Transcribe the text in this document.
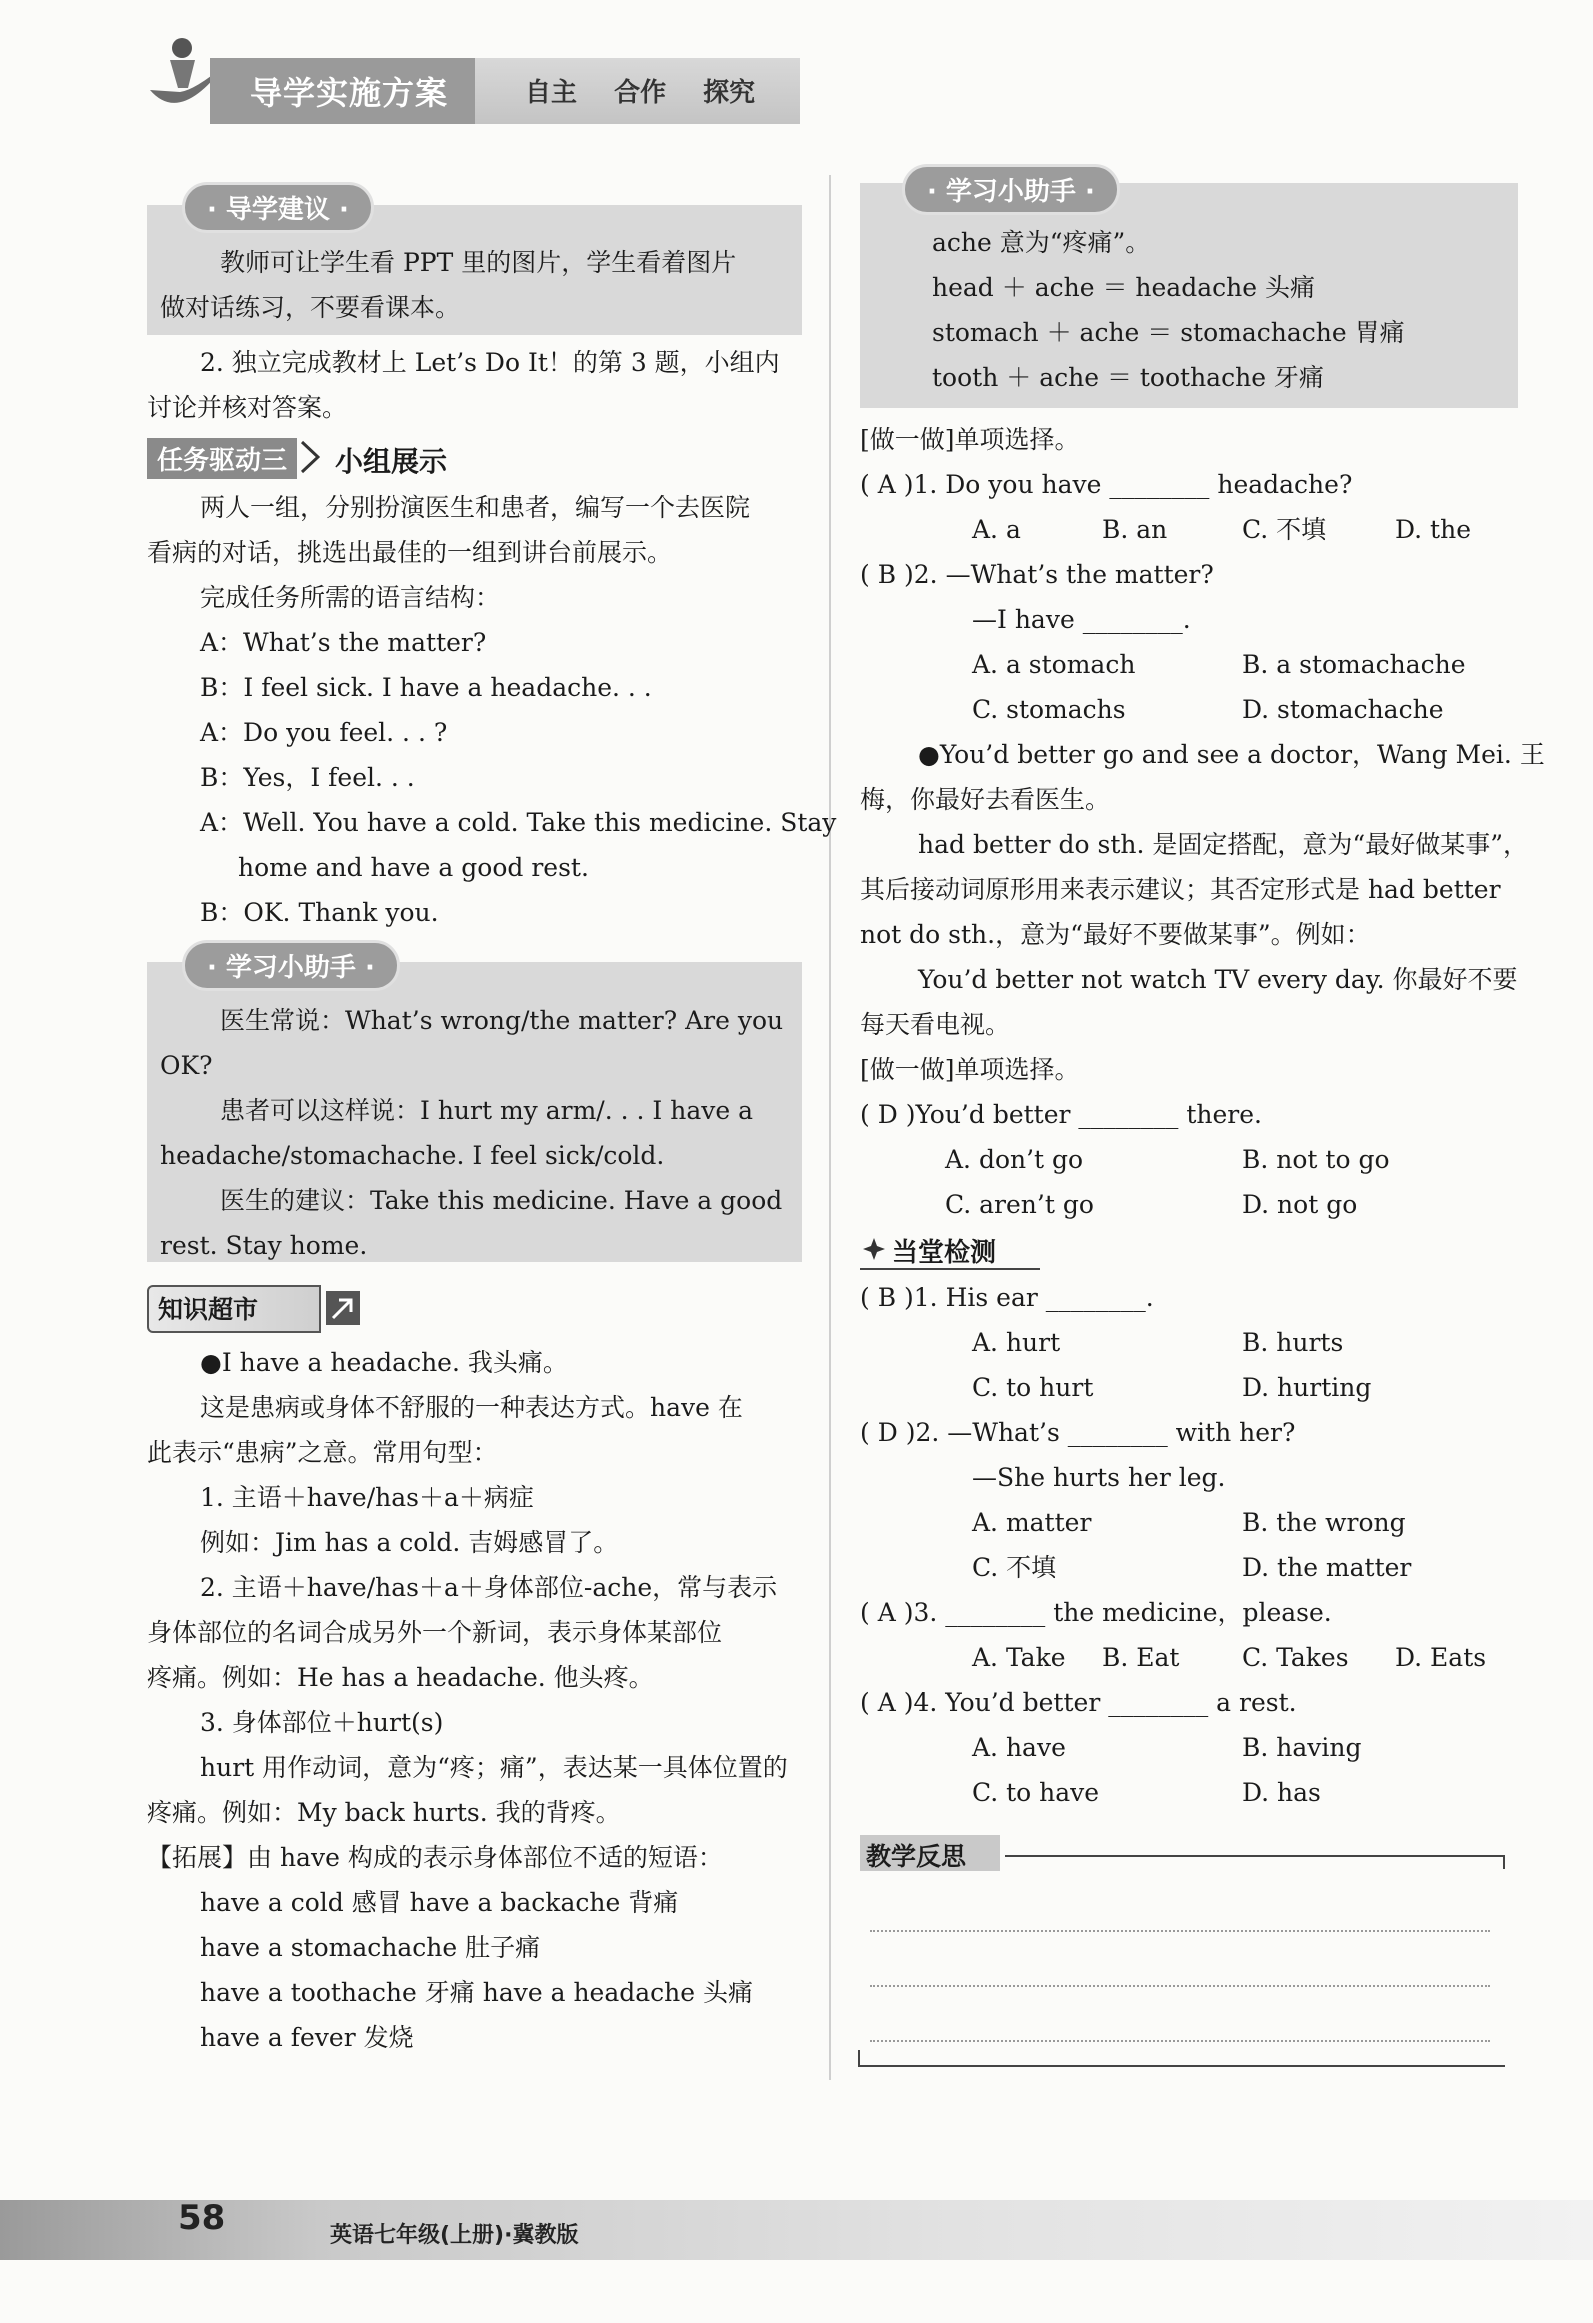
导学实施方案	自主 合作 探究
· 导学建议 ·
教师可让学生看 PPT 里的图片，学生看着图片
做对话练习，不要看课本。
2. 独立完成教材上 Let’s Do It！的第 3 题，小组内
讨论并核对答案。
任务驱动三	小组展示
两人一组，分别扮演医生和患者，编写一个去医院
看病的对话，挑选出最佳的一组到讲台前展示。
完成任务所需的语言结构：
A：What’s the matter?
B：I feel sick. I have a headache. . .
A：Do you feel. . . ?
B：Yes，I feel. . .
A：Well. You have a cold. Take this medicine. Stay
home and have a good rest.
B：OK. Thank you.
· 学习小助手 ·
医生常说：What’s wrong/the matter? Are you
OK?
患者可以这样说：I hurt my arm/. . . I have a
headache/stomachache. I feel sick/cold.
医生的建议：Take this medicine. Have a good
rest. Stay home.
知识超市
●I have a headache. 我头痛。
这是患病或身体不舒服的一种表达方式。have 在
此表示“患病”之意。常用句型：
1. 主语＋have/has＋a＋病症
例如：Jim has a cold. 吉姆感冒了。
2. 主语＋have/has＋a＋身体部位-ache，常与表示
身体部位的名词合成另外一个新词，表示身体某部位
疼痛。例如：He has a headache. 他头疼。
3. 身体部位＋hurt(s)
hurt 用作动词，意为“疼；痛”，表达某一具体位置的
疼痛。例如：My back hurts. 我的背疼。
【拓展】由 have 构成的表示身体部位不适的短语：
have a cold 感冒 have a backache 背痛
have a stomachache 肚子痛
have a toothache 牙痛 have a headache 头痛
have a fever 发烧
· 学习小助手 ·
ache 意为“疼痛”。
head ＋ ache ＝ headache 头痛
stomach ＋ ache ＝ stomachache 胃痛
tooth ＋ ache ＝ toothache 牙痛
[做一做]单项选择。
( A )1. Do you have ________ headache?
A. a	B. an	C. 不填	D. the
( B )2. —What’s the matter?
—I have ________.
A. a stomach	B. a stomachache
C. stomachs	D. stomachache
●You’d better go and see a doctor，Wang Mei. 王
梅，你最好去看医生。
had better do sth. 是固定搭配，意为“最好做某事”，
其后接动词原形用来表示建议；其否定形式是 had better
not do sth.，意为“最好不要做某事”。例如：
You’d better not watch TV every day. 你最好不要
每天看电视。
[做一做]单项选择。
( D )You’d better ________ there.
A. don’t go	B. not to go
C. aren’t go	D. not go
当堂检测
( B )1. His ear ________.
A. hurt	B. hurts
C. to hurt	D. hurting
( D )2. —What’s ________ with her?
—She hurts her leg.
A. matter	B. the wrong
C. 不填	D. the matter
( A )3. ________ the medicine，please.
A. Take B. Eat	C. Takes D. Eats
( A )4. You’d better ________ a rest.
A. have	B. having
C. to have	D. has
教学反思
58	英语七年级(上册)·冀教版
